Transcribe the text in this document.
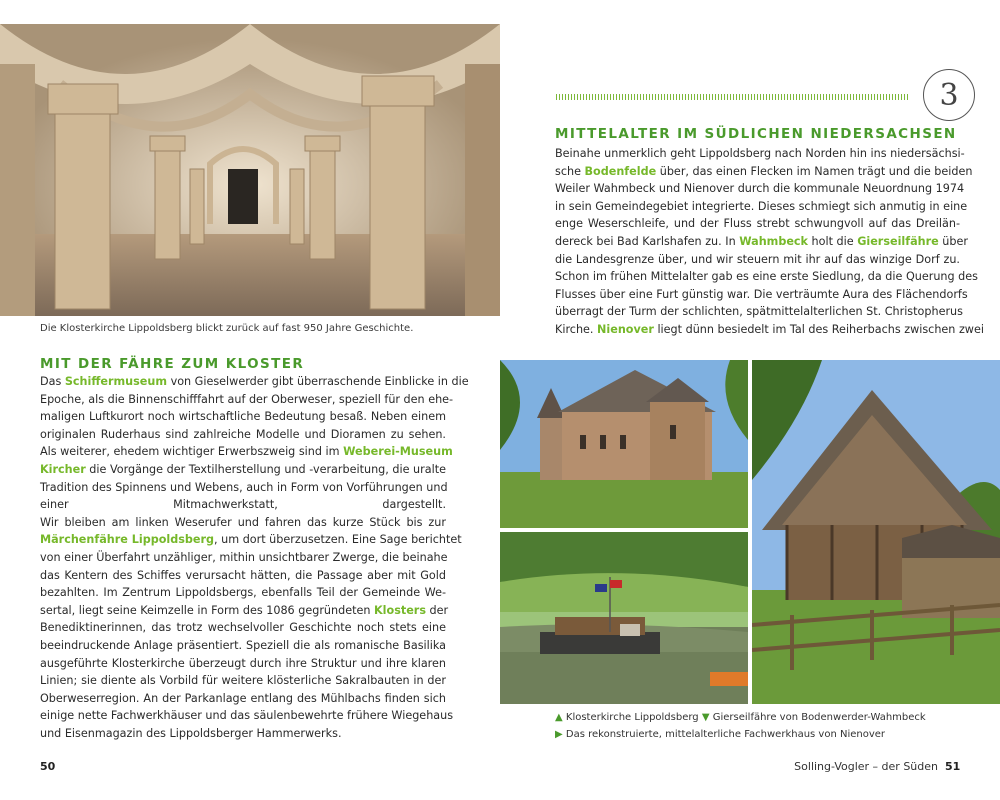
Die Klosterkirche Lippoldsberg blickt zurück auf fast 950 Jahre Geschichte.
MIT DER FÄHRE ZUM KLOSTER
Das Schiffermuseum von Gieselwerder gibt überraschende Einblicke in die
Epoche, als die Binnenschifffahrt auf der Oberweser, speziell für den ehe-
maligen Luftkurort noch wirtschaftliche Bedeutung besaß. Neben einem
originalen Ruderhaus sind zahlreiche Modelle und Dioramen zu sehen.
Als weiterer, ehedem wichtiger Erwerbszweig sind im Weberei-Museum
Kircher die Vorgänge der Textilherstellung und -verarbeitung, die uralte
Tradition des Spinnens und Webens, auch in Form von Vorführungen und
einer Mitmachwerkstatt, dargestellt.
Wir bleiben am linken Weserufer und fahren das kurze Stück bis zur
Märchenfähre Lippoldsberg, um dort überzusetzen. Eine Sage berichtet
von einer Überfahrt unzähliger, mithin unsichtbarer Zwerge, die beinahe
das Kentern des Schiffes verursacht hätten, die Passage aber mit Gold
bezahlten. Im Zentrum Lippoldsbergs, ebenfalls Teil der Gemeinde We-
sertal, liegt seine Keimzelle in Form des 1086 gegründeten Klosters der
Benediktinerinnen, das trotz wechselvoller Geschichte noch stets eine
beeindruckende Anlage präsentiert. Speziell die als romanische Basilika
ausgeführte Klosterkirche überzeugt durch ihre Struktur und ihre klaren
Linien; sie diente als Vorbild für weitere klösterliche Sakralbauten in der
Oberweserregion. An der Parkanlage entlang des Mühlbachs finden sich
einige nette Fachwerkhäuser und das säulenbewehrte frühere Wiegehaus
und Eisenmagazin des Lippoldsberger Hammerwerks.
3
MITTELALTER IM SÜDLICHEN NIEDERSACHSEN
Beinahe unmerklich geht Lippoldsberg nach Norden hin ins niedersächsi-
sche Bodenfelde über, das einen Flecken im Namen trägt und die beiden
Weiler Wahmbeck und Nienover durch die kommunale Neuordnung 1974
in sein Gemeindegebiet integrierte. Dieses schmiegt sich anmutig in eine
enge Weserschleife, und der Fluss strebt schwungvoll auf das Dreilän-
dereck bei Bad Karlshafen zu. In Wahmbeck holt die Gierseilfähre über
die Landesgrenze über, und wir steuern mit ihr auf das winzige Dorf zu.
Schon im frühen Mittelalter gab es eine erste Siedlung, da die Querung des
Flusses über eine Furt günstig war. Die verträumte Aura des Flächendorfs
überragt der Turm der schlichten, spätmittelalterlichen St. Christopherus
Kirche. Nienover liegt dünn besiedelt im Tal des Reiherbachs zwischen zwei
▲ Klosterkirche Lippoldsberg ▼ Gierseilfähre von Bodenwerder-Wahmbeck
▶ Das rekonstruierte, mittelalterliche Fachwerkhaus von Nienover
50	Solling-Vogler – der Süden 51
